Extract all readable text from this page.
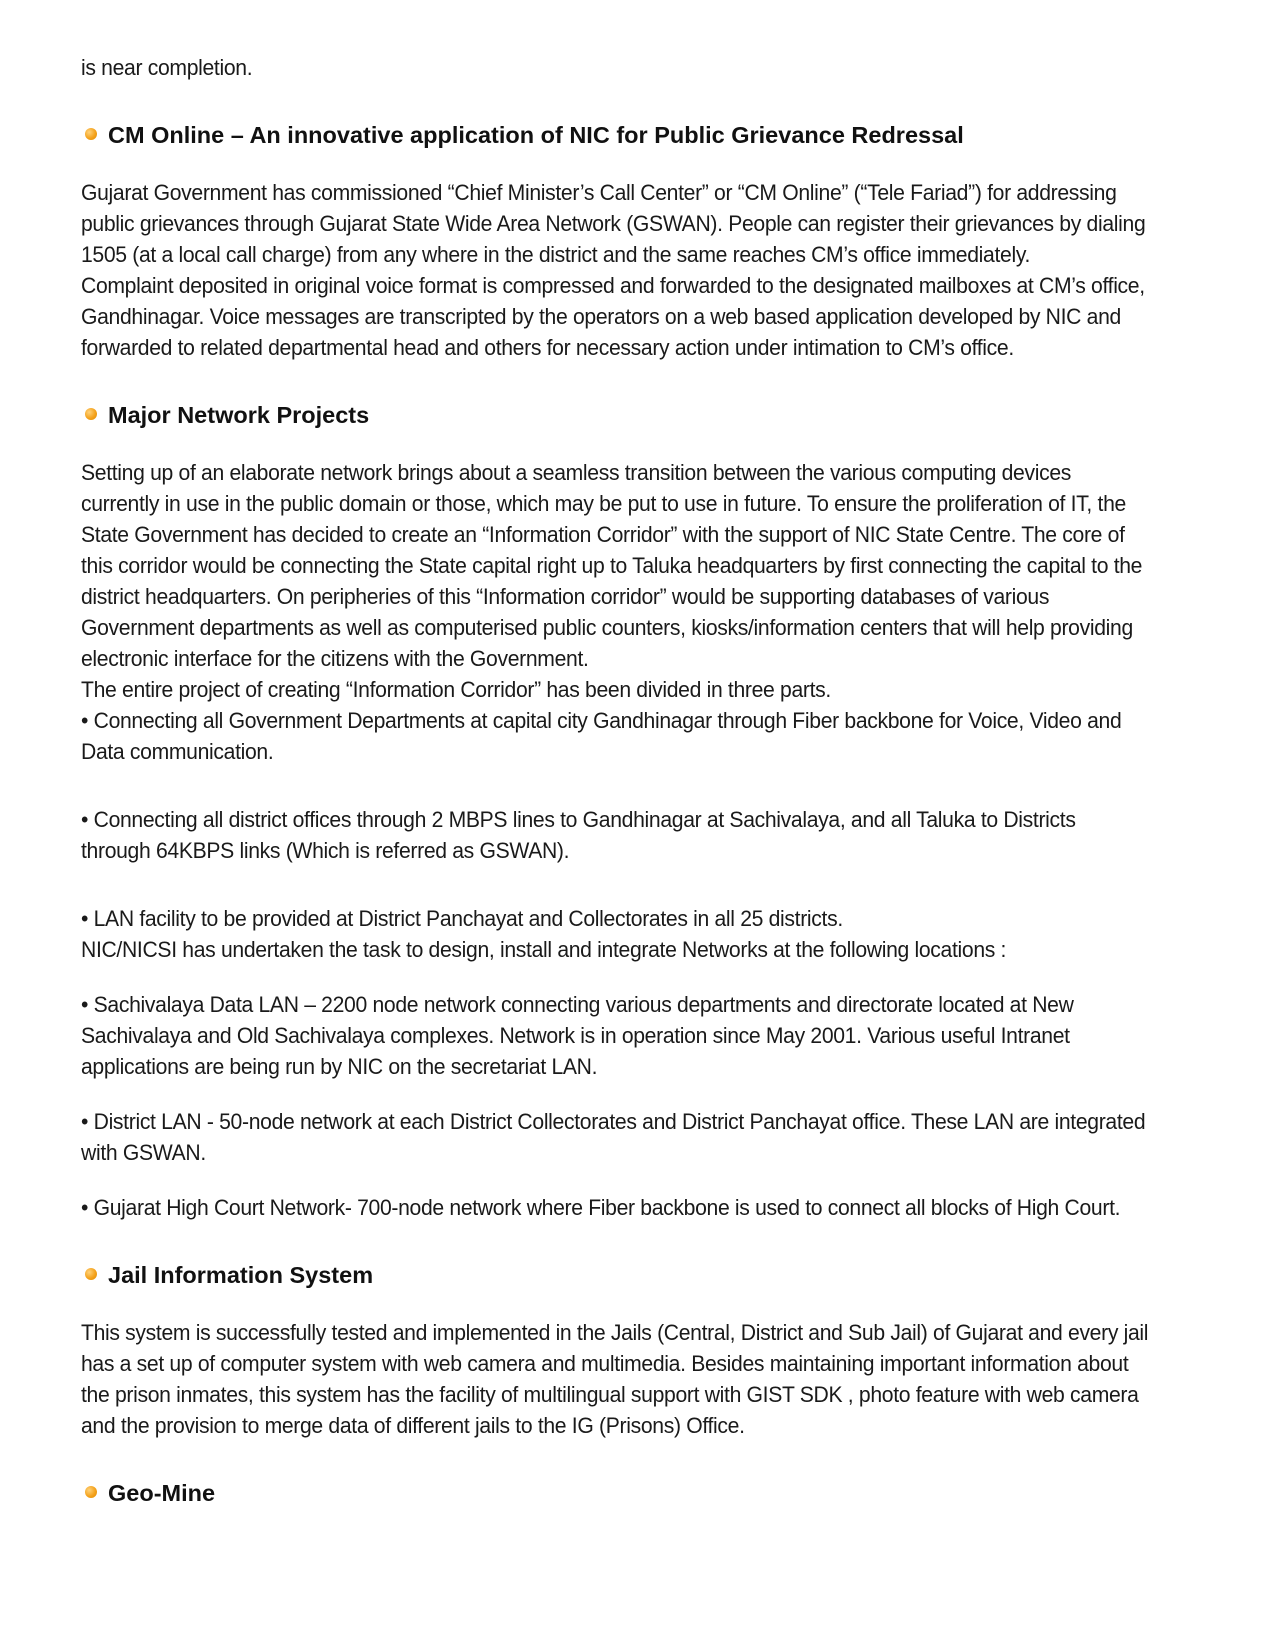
is near completion.
CM Online – An innovative application of NIC for Public Grievance Redressal
Gujarat Government has commissioned “Chief Minister’s Call Center” or “CM Online” (“Tele Fariad”) for addressing
public grievances through Gujarat State Wide Area Network (GSWAN). People can register their grievances by dialing
1505 (at a local call charge) from any where in the district and the same reaches CM’s office immediately.
Complaint deposited in original voice format is compressed and forwarded to the designated mailboxes at CM’s office,
Gandhinagar. Voice messages are transcripted by the operators on a web based application developed by NIC and
forwarded to related departmental head and others for necessary action under intimation to CM’s office.
Major Network Projects
Setting up of an elaborate network brings about a seamless transition between the various computing devices
currently in use in the public domain or those, which may be put to use in future. To ensure the proliferation of IT, the
State Government has decided to create an “Information Corridor” with the support of NIC State Centre. The core of
this corridor would be connecting the State capital right up to Taluka headquarters by first connecting the capital to the
district headquarters. On peripheries of this “Information corridor” would be supporting databases of various
Government departments as well as computerised public counters, kiosks/information centers that will help providing
electronic interface for the citizens with the Government.
The entire project of creating “Information Corridor” has been divided in three parts.
• Connecting all Government Departments at capital city Gandhinagar through Fiber backbone for Voice, Video and
Data communication.
• Connecting all district offices through 2 MBPS lines to Gandhinagar at Sachivalaya, and all Taluka to Districts
through 64KBPS links (Which is referred as GSWAN).
• LAN facility to be provided at District Panchayat and Collectorates in all 25 districts.
NIC/NICSI has undertaken the task to design, install and integrate Networks at the following locations :
• Sachivalaya Data LAN – 2200 node network connecting various departments and directorate located at New
Sachivalaya and Old Sachivalaya complexes. Network is in operation since May 2001. Various useful Intranet
applications are being run by NIC on the secretariat LAN.
• District LAN - 50-node network at each District Collectorates and District Panchayat office. These LAN are integrated
with GSWAN.
• Gujarat High Court Network- 700-node network where Fiber backbone is used to connect all blocks of High Court.
Jail Information System
This system is successfully tested and implemented in the Jails (Central, District and Sub Jail) of Gujarat and every jail
has a set up of computer system with web camera and multimedia. Besides maintaining important information about
the prison inmates, this system has the facility of multilingual support with GIST SDK , photo feature with web camera
and the provision to merge data of different jails to the IG (Prisons) Office.
Geo-Mine
